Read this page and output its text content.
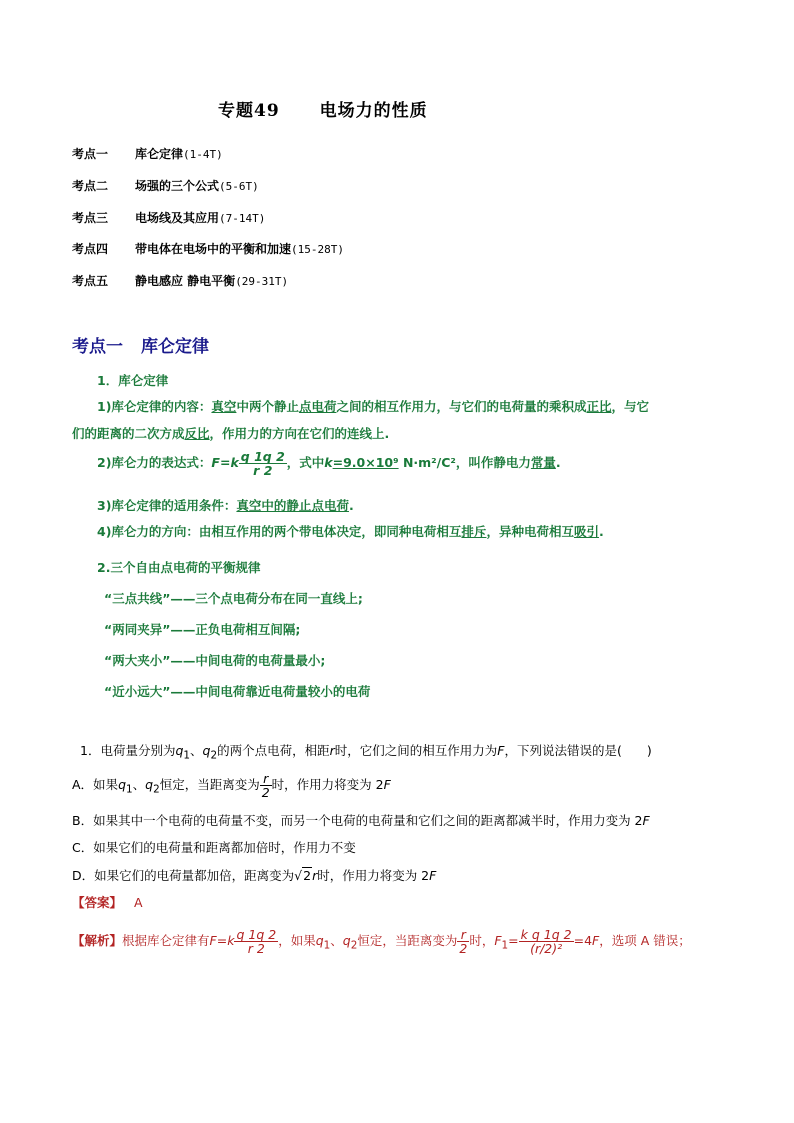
专题49 电场力的性质
考点一 库仑定律(1-4T)
考点二 场强的三个公式(5-6T)
考点三 电场线及其应用(7-14T)
考点四 带电体在电场中的平衡和加速(15-28T)
考点五 静电感应 静电平衡(29-31T)
考点一 库仑定律
1．库仑定律
1)库仑定律的内容：真空中两个静止点电荷之间的相互作用力，与它们的电荷量的乘积成正比，与它
们的距离的二次方成反比，作用力的方向在它们的连线上.
2)库仑力的表达式：$F=k \frac{q 1q 2}{r 2}$ ，式中k=9.0×10⁹ N·m²/C²，叫作静电力常量.
3)库仑定律的适用条件：真空中的静止点电荷.
4)库仑力的方向：由相互作用的两个带电体决定，即同种电荷相互排斥，异种电荷相互吸引.
2.三个自由点电荷的平衡规律
“三点共线”——三个点电荷分布在同一直线上;
“两同夹异”——正负电荷相互间隔;
“两大夹小”——中间电荷的电荷量最小;
“近小远大”——中间电荷靠近电荷量较小的电荷
1．电荷量分别为$q_1$、$q_2$的两个点电荷，相距r时，它们之间的相互作用力为F，下列说法错误的是(　　)
A．如果$q_1$、$q_2$恒定，当距离变为 $\frac{r}{2}$ 时，作用力将变为 2F
B．如果其中一个电荷的电荷量不变，而另一个电荷的电荷量和它们之间的距离都减半时，作用力变为 2F
C．如果它们的电荷量和距离都加倍时，作用力不变
D．如果它们的电荷量都加倍，距离变为√2r时，作用力将变为 2F
【答案】 A
【解析】根据库仑定律有$F=k \frac{q 1q 2}{r 2}$ ，如果$q_1$、$q_2$恒定，当距离变为 $\frac{r}{2}$ 时，$F_1= \frac{\text{k q 1q 2}}{\text{(r/2)²}} =4F$，选项 A 错误；
